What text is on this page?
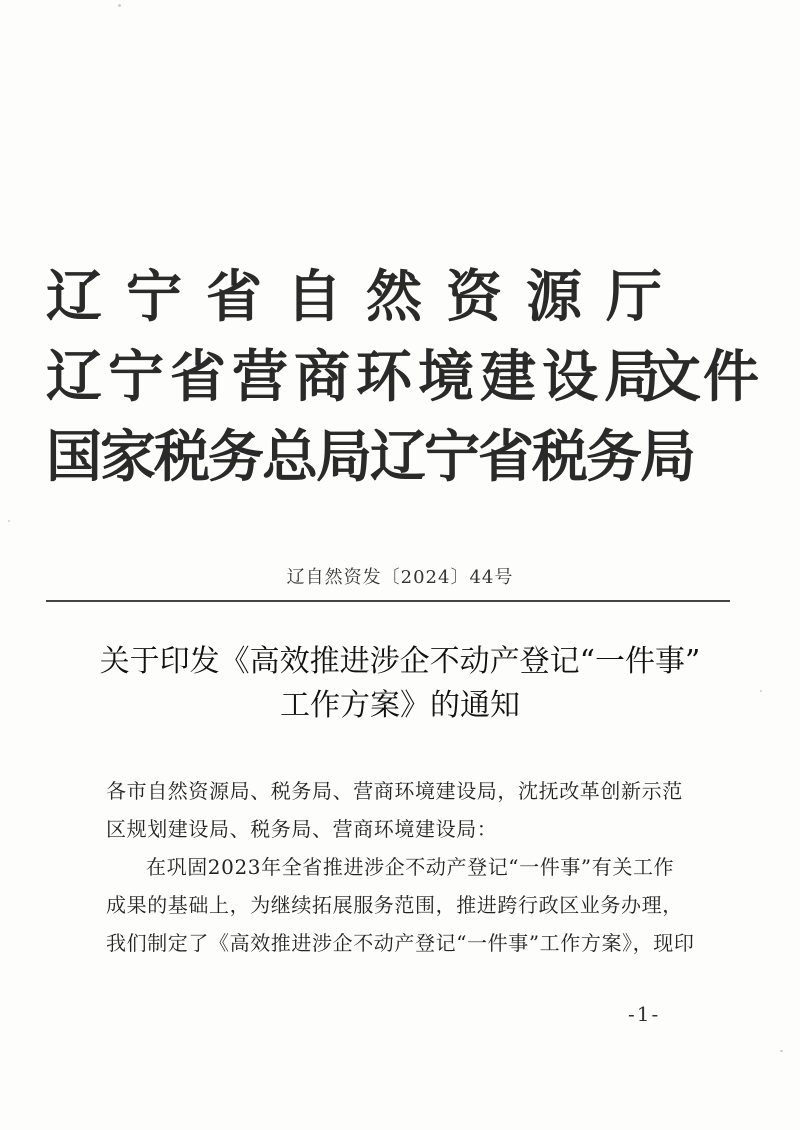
辽宁省自然资源厅
辽宁省营商环境建设局
国家税务总局辽宁省税务局
文件
辽自然资发〔2024〕44号
关于印发《高效推进涉企不动产登记“一件事”
工作方案》的通知
各市自然资源局、税务局、营商环境建设局，沈抚改革创新示范
区规划建设局、税务局、营商环境建设局：
在巩固2023年全省推进涉企不动产登记“一件事”有关工作
成果的基础上，为继续拓展服务范围，推进跨行政区业务办理，
我们制定了《高效推进涉企不动产登记“一件事”工作方案》，现印
-1-
